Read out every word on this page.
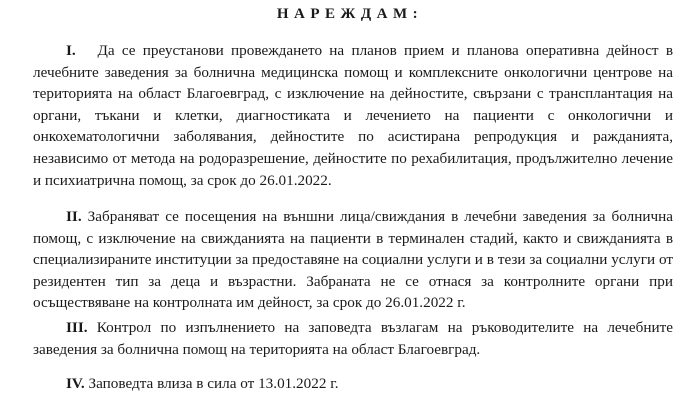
НАРЕЖДАМ:

I. Да се преустанови провеждането на планов прием и планова оперативна дейност в лечебните заведения за болнична медицинска помощ и комплексните онкологични центрове на територията на област Благоевград, с изключение на дейностите, свързани с трансплантация на органи, тъкани и клетки, диагностиката и лечението на пациенти с онкологични и онкохематологични заболявания, дейностите по асистирана репродукция и ражданията, независимо от метода на родоразрешение, дейностите по рехабилитация, продължително лечение и психиатрична помощ, за срок до 26.01.2022.

II. Забраняват се посещения на външни лица/свиждания в лечебни заведения за болнична помощ, с изключение на свижданията на пациенти в терминален стадий, както и свижданията в специализираните институции за предоставяне на социални услуги и в тези за социални услуги от резидентен тип за деца и възрастни. Забраната не се отнася за контролните органи при осъществяване на контролната им дейност, за срок до 26.01.2022 г.

III. Контрол по изпълнението на заповедта възлагам на ръководителите на лечебните заведения за болнична помощ на територията на област Благоевград.

IV. Заповедта влиза в сила от 13.01.2022 г.
